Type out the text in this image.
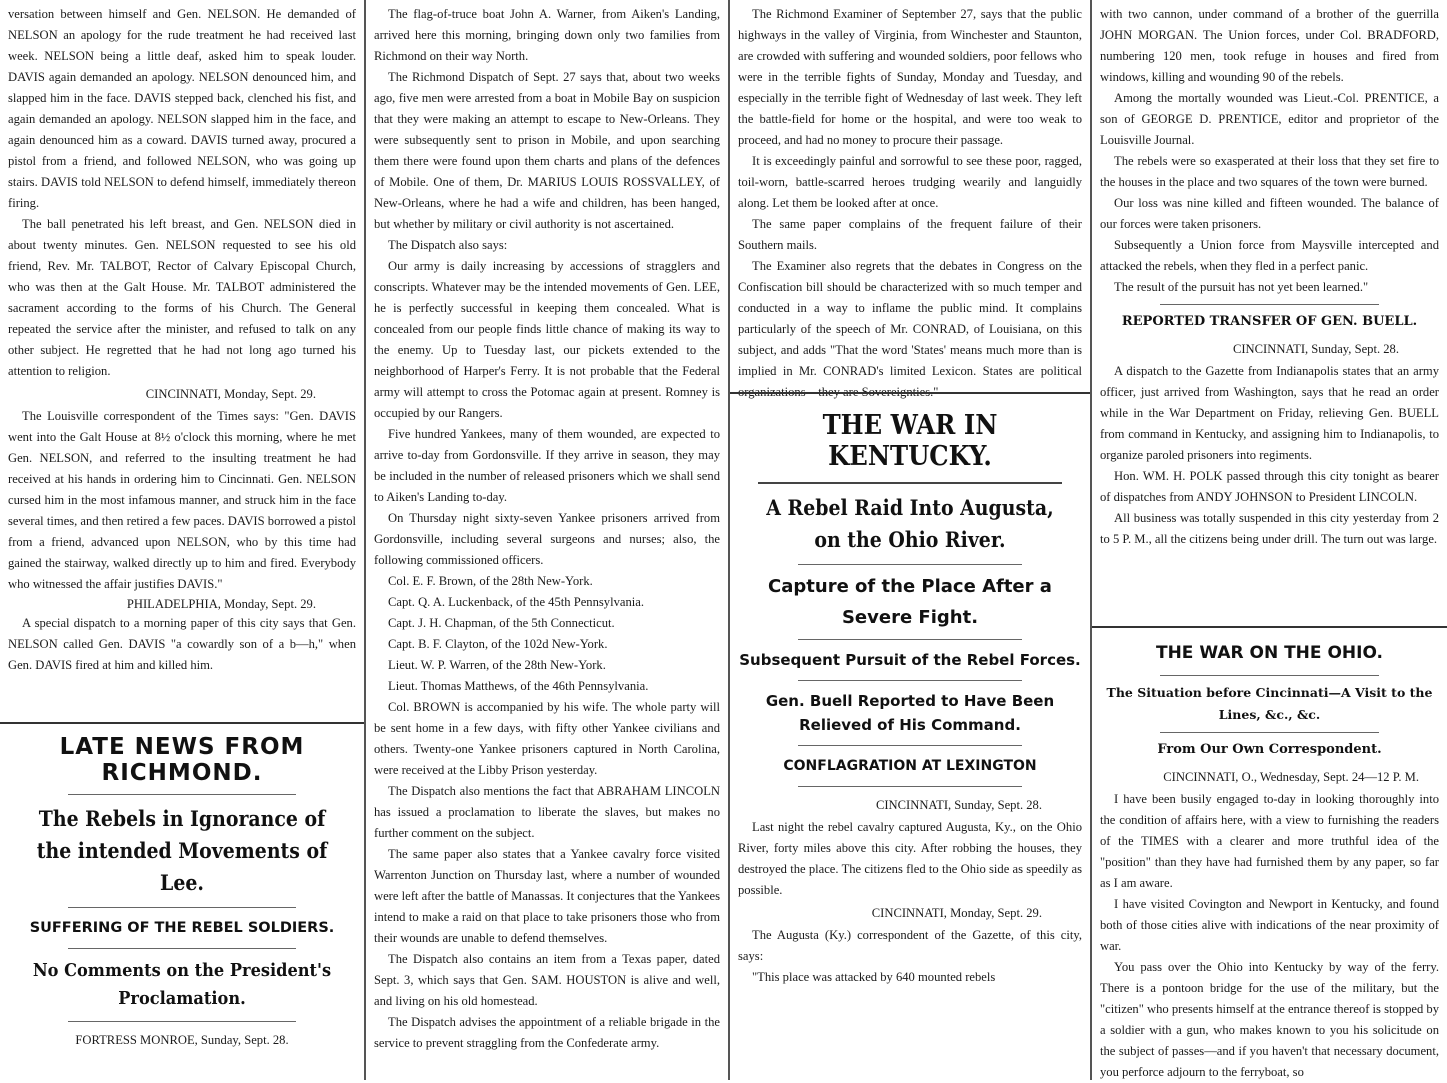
versation between himself and Gen. NELSON. He demanded of NELSON an apology for the rude treatment he had received last week. NELSON being a little deaf, asked him to speak louder. DAVIS again demanded an apology. NELSON denounced him, and slapped him in the face. DAVIS stepped back, clenched his fist, and again demanded an apology. NELSON slapped him in the face, and again denounced him as a coward. DAVIS turned away, procured a pistol from a friend, and followed NELSON, who was going up stairs. DAVIS told NELSON to defend himself, immediately thereon firing.

The ball penetrated his left breast, and Gen. NELSON died in about twenty minutes. Gen. NELSON requested to see his old friend, Rev. Mr. TALBOT, Rector of Calvary Episcopal Church, who was then at the Galt House. Mr. TALBOT administered the sacrament according to the forms of his Church. The General repeated the service after the minister, and refused to talk on any other subject. He regretted that he had not long ago turned his attention to religion.

CINCINNATI, Monday, Sept. 29.

The Louisville correspondent of the Times says: "Gen. DAVIS went into the Galt House at 8½ o'clock this morning, where he met Gen. NELSON, and referred to the insulting treatment he had received at his hands in ordering him to Cincinnati. Gen. NELSON cursed him in the most infamous manner, and struck him in the face several times, and then retired a few paces. DAVIS borrowed a pistol from a friend, advanced upon NELSON, who by this time had gained the stairway, walked directly up to him and fired. Everybody who witnessed the affair justifies DAVIS."

PHILADELPHIA, Monday, Sept. 29.

A special dispatch to a morning paper of this city says that Gen. NELSON called Gen. DAVIS "a cowardly son of a b—h," when Gen. DAVIS fired at him and killed him.

LATE NEWS FROM RICHMOND.
The Rebels in Ignorance of the intended Movements of Lee.
SUFFERING OF THE REBEL SOLDIERS.
No Comments on the President's Proclamation.

FORTRESS MONROE, Sunday, Sept. 28.

The flag-of-truce boat John A. Warner, from Aiken's Landing, arrived here this morning, bringing down only two families from Richmond on their way North.

The Richmond Dispatch of Sept. 27 says that, about two weeks ago, five men were arrested from a boat in Mobile Bay on suspicion that they were making an attempt to escape to New-Orleans. They were subsequently sent to prison in Mobile, and upon searching them there were found upon them charts and plans of the defences of Mobile. One of them, Dr. MARIUS LOUIS ROSSVALLEY, of New-Orleans, where he had a wife and children, has been hanged, but whether by military or civil authority is not ascertained.

The Dispatch also says:

Our army is daily increasing by accessions of stragglers and conscripts. Whatever may be the intended movements of Gen. LEE, he is perfectly successful in keeping them concealed. What is concealed from our people finds little chance of making its way to the enemy. Up to Tuesday last, our pickets extended to the neighborhood of Harper's Ferry. It is not probable that the Federal army will attempt to cross the Potomac again at present. Romney is occupied by our Rangers.

Five hundred Yankees, many of them wounded, are expected to arrive to-day from Gordonsville. If they arrive in season, they may be included in the number of released prisoners which we shall send to Aiken's Landing to-day.

On Thursday night sixty-seven Yankee prisoners arrived from Gordonsville, including several surgeons and nurses; also, the following commissioned officers.

Col. E. F. Brown, of the 28th New-York.

Capt. Q. A. Luckenback, of the 45th Pennsylvania.

Capt. J. H. Chapman, of the 5th Connecticut.

Capt. B. F. Clayton, of the 102d New-York.

Lieut. W. P. Warren, of the 28th New-York.

Lieut. Thomas Matthews, of the 46th Pennsylvania.

Col. BROWN is accompanied by his wife. The whole party will be sent home in a few days, with fifty other Yankee civilians and others. Twenty-one Yankee prisoners captured in North Carolina, were received at the Libby Prison yesterday.

The Dispatch also mentions the fact that ABRAHAM LINCOLN has issued a proclamation to liberate the slaves, but makes no further comment on the subject.

The same paper also states that a Yankee cavalry force visited Warrenton Junction on Thursday last, where a number of wounded were left after the battle of Manassas. It conjectures that the Yankees intend to make a raid on that place to take prisoners those who from their wounds are unable to defend themselves.

The Dispatch also contains an item from a Texas paper, dated Sept. 3, which says that Gen. SAM. HOUSTON is alive and well, and living on his old homestead.

The Dispatch advises the appointment of a reliable brigade in the service to prevent straggling from the Confederate army.

The Richmond Examiner of September 27, says that the public highways in the valley of Virginia, from Winchester and Staunton, are crowded with suffering and wounded soldiers, poor fellows who were in the terrible fights of Sunday, Monday and Tuesday, and especially in the terrible fight of Wednesday of last week. They left the battle-field for home or the hospital, and were too weak to proceed, and had no money to procure their passage.

It is exceedingly painful and sorrowful to see these poor, ragged, toil-worn, battle-scarred heroes trudging wearily and languidly along. Let them be looked after at once.

The same paper complains of the frequent failure of their Southern mails.

The Examiner also regrets that the debates in Congress on the Confiscation bill should be characterized with so much temper and conducted in a way to inflame the public mind. It complains particularly of the speech of Mr. CONRAD, of Louisiana, on this subject, and adds "That the word 'States' means much more than is implied in Mr. CONRAD's limited Lexicon. States are political organizations—they are Sovereignties."

THE WAR IN KENTUCKY.
A Rebel Raid Into Augusta, on the Ohio River.
Capture of the Place After a Severe Fight.
Subsequent Pursuit of the Rebel Forces.
Gen. Buell Reported to Have Been Relieved of His Command.
CONFLAGRATION AT LEXINGTON

CINCINNATI, Sunday, Sept. 28.

Last night the rebel cavalry captured Augusta, Ky., on the Ohio River, forty miles above this city. After robbing the houses, they destroyed the place. The citizens fled to the Ohio side as speedily as possible.

CINCINNATI, Monday, Sept. 29.

The Augusta (Ky.) correspondent of the Gazette, of this city, says:

"This place was attacked by 640 mounted rebels

with two cannon, under command of a brother of the guerrilla JOHN MORGAN. The Union forces, under Col. BRADFORD, numbering 120 men, took refuge in houses and fired from windows, killing and wounding 90 of the rebels.

Among the mortally wounded was Lieut.-Col. PRENTICE, a son of GEORGE D. PRENTICE, editor and proprietor of the Louisville Journal.

The rebels were so exasperated at their loss that they set fire to the houses in the place and two squares of the town were burned.

Our loss was nine killed and fifteen wounded. The balance of our forces were taken prisoners.

Subsequently a Union force from Maysville intercepted and attacked the rebels, when they fled in a perfect panic.

The result of the pursuit has not yet been learned."

REPORTED TRANSFER OF GEN. BUELL.

CINCINNATI, Sunday, Sept. 28.

A dispatch to the Gazette from Indianapolis states that an army officer, just arrived from Washington, says that he read an order while in the War Department on Friday, relieving Gen. BUELL from command in Kentucky, and assigning him to Indianapolis, to organize paroled prisoners into regiments.

Hon. WM. H. POLK passed through this city tonight as bearer of dispatches from ANDY JOHNSON to President LINCOLN.

All business was totally suspended in this city yesterday from 2 to 5 P. M., all the citizens being under drill. The turn out was large.

THE WAR ON THE OHIO.
The Situation before Cincinnati—A Visit to the Lines, &c., &c.
From Our Own Correspondent.

CINCINNATI, O., Wednesday, Sept. 24—12 P. M.

I have been busily engaged to-day in looking thoroughly into the condition of affairs here, with a view to furnishing the readers of the TIMES with a clearer and more truthful idea of the "position" than they have had furnished them by any paper, so far as I am aware.

I have visited Covington and Newport in Kentucky, and found both of those cities alive with indications of the near proximity of war.

You pass over the Ohio into Kentucky by way of the ferry. There is a pontoon bridge for the use of the military, but the "citizen" who presents himself at the entrance thereof is stopped by a soldier with a gun, who makes known to you his solicitude on the subject of passes—and if you haven't that necessary document, you perforce adjourn to the ferryboat, so
